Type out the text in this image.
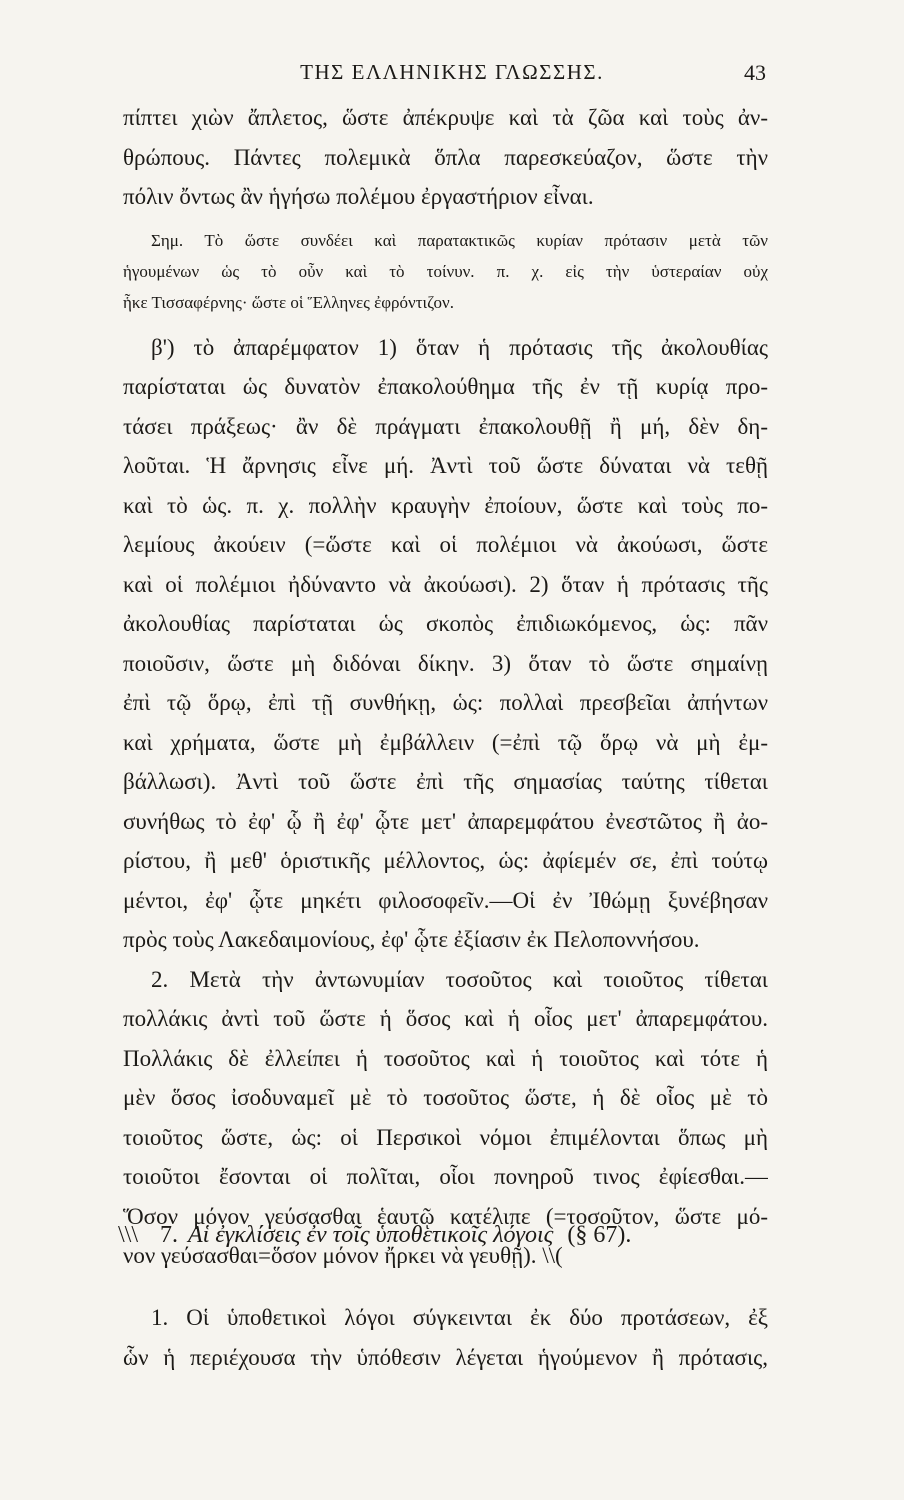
ΤΗΣ ΕΛΛΗΝΙΚΗΣ ΓΛΩΣΣΗΣ.	43
πίπτει χιὼν ἄπλετος, ὥστε ἀπέκρυψε καὶ τὰ ζῶα καὶ τοὺς ἀν-
θρώπους. Πάντες πολεμικὰ ὅπλα παρεσκεύαζον, ὥστε τὴν
πόλιν ὄντως ἂν ἡγήσω πολέμου ἐργαστήριον εἶναι.
Σημ. Τὸ ὥστε συνδέει καὶ παρατακτικῶς κυρίαν πρότασιν μετὰ τῶν
ἡγουμένων ὡς τὸ οὖν καὶ τὸ τοίνυν. π. χ. εἰς τὴν ὑστεραίαν οὐχ
ἧκε Τισσαφέρνης· ὥστε οἱ Ἕλληνες ἐφρόντιζον.
β') τὸ ἀπαρέμφατον 1) ὅταν ἡ πρότασις τῆς ἀκολουθίας
παρίσταται ὡς δυνατὸν ἐπακολούθημα τῆς ἐν τῇ κυρίᾳ προ-
τάσει πράξεως· ἂν δὲ πράγματι ἐπακολουθῇ ἢ μή, δὲν δη-
λοῦται. Ἡ ἄρνησις εἶνε μή. Ἀντὶ τοῦ ὥστε δύναται νὰ τεθῇ
καὶ τὸ ὡς. π. χ. πολλὴν κραυγὴν ἐποίουν, ὥστε καὶ τοὺς πο-
λεμίους ἀκούειν (=ὥστε καὶ οἱ πολέμιοι νὰ ἀκούωσι, ὥστε
καὶ οἱ πολέμιοι ἠδύναντο νὰ ἀκούωσι). 2) ὅταν ἡ πρότασις τῆς
ἀκολουθίας παρίσταται ὡς σκοπὸς ἐπιδιωκόμενος, ὡς: πᾶν
ποιοῦσιν, ὥστε μὴ διδόναι δίκην. 3) ὅταν τὸ ὥστε σημαίνῃ
ἐπὶ τῷ ὅρῳ, ἐπὶ τῇ συνθήκῃ, ὡς: πολλαὶ πρεσβεῖαι ἀπήντων
καὶ χρήματα, ὥστε μὴ ἐμβάλλειν (=ἐπὶ τῷ ὅρῳ νὰ μὴ ἐμ-
βάλλωσι). Ἀντὶ τοῦ ὥστε ἐπὶ τῆς σημασίας ταύτης τίθεται
συνήθως τὸ ἐφ' ᾧ ἢ ἐφ' ᾧτε μετ' ἀπαρεμφάτου ἐνεστῶτος ἢ ἀο-
ρίστου, ἢ μεθ' ὁριστικῆς μέλλοντος, ὡς: ἀφίεμέν σε, ἐπὶ τούτῳ
μέντοι, ἐφ' ᾧτε μηκέτι φιλοσοφεῖν.—Οἱ ἐν Ἰθώμῃ ξυνέβησαν
πρὸς τοὺς Λακεδαιμονίους, ἐφ' ᾧτε ἐξίασιν ἐκ Πελοποννήσου.
2. Μετὰ τὴν ἀντωνυμίαν τοσοῦτος καὶ τοιοῦτος τίθεται
πολλάκις ἀντὶ τοῦ ὥστε ἡ ὅσος καὶ ἡ οἷος μετ' ἀπαρεμφάτου.
Πολλάκις δὲ ἐλλείπει ἡ τοσοῦτος καὶ ἡ τοιοῦτος καὶ τότε ἡ
μὲν ὅσος ἰσοδυναμεῖ μὲ τὸ τοσοῦτος ὥστε, ἡ δὲ οἷος μὲ τὸ
τοιοῦτος ὥστε, ὡς: οἱ Περσικοὶ νόμοι ἐπιμέλονται ὅπως μὴ
τοιοῦτοι ἔσονται οἱ πολῖται, οἷοι πονηροῦ τινος ἐφίεσθαι.—
Ὅσον μόνον γεύσασθαι ἑαυτῷ κατέλιπε (=τοσοῦτον, ὥστε μό-
νον γεύσασθαι=ὅσον μόνον ἤρκει νὰ γευθῇ). \\(
\\\ 7. Αἱ ἐγκλίσεις ἐν τοῖς ὑποθετικοῖς λόγοις (§ 67).
1. Οἱ ὑποθετικοὶ λόγοι σύγκεινται ἐκ δύο προτάσεων, ἐξ
ὧν ἡ περιέχουσα τὴν ὑπόθεσιν λέγεται ἡγούμενον ἢ πρότασις,
